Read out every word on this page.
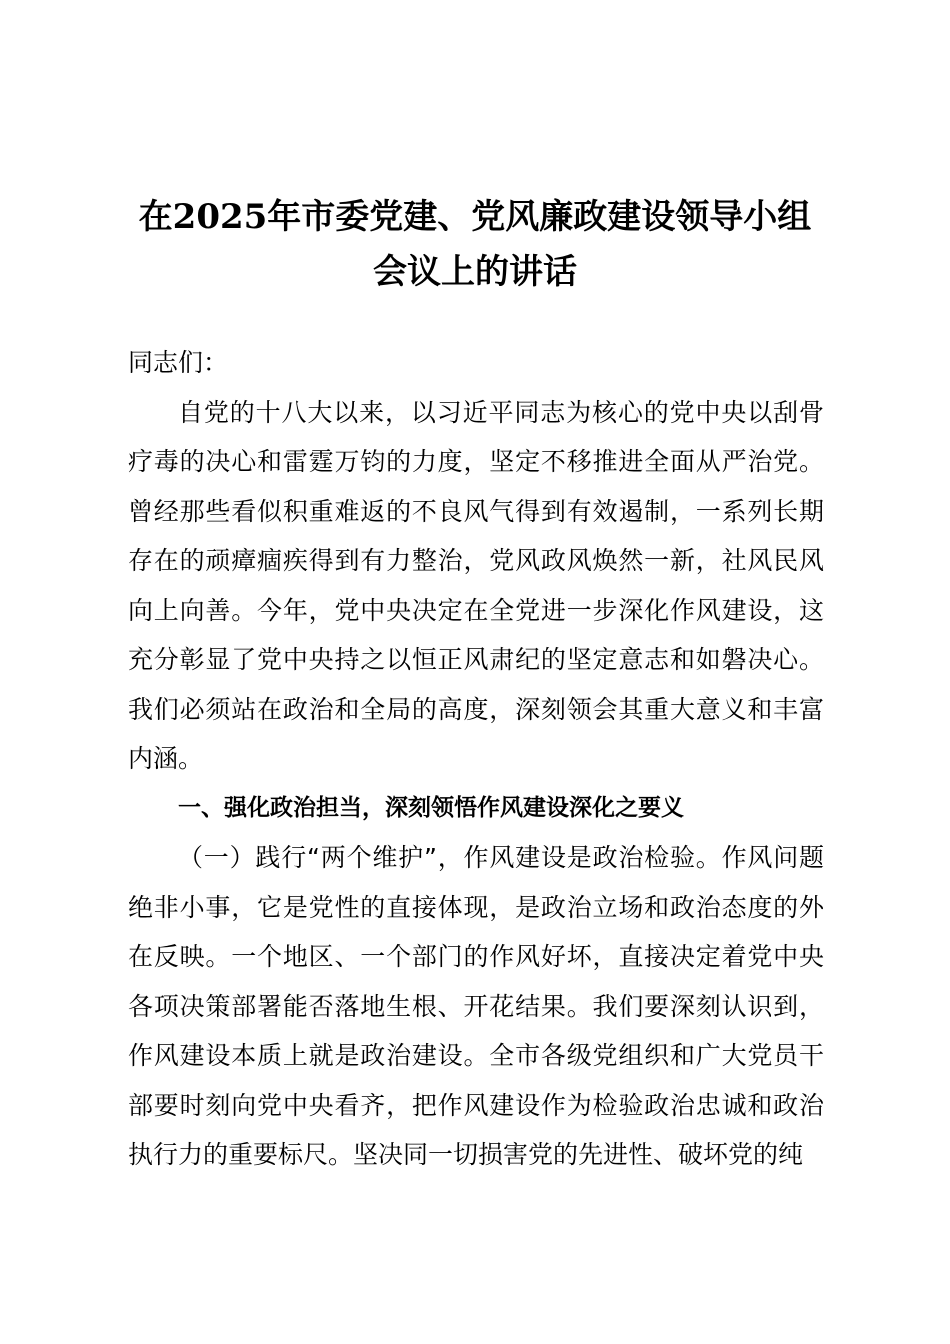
在2025年市委党建、党风廉政建设领导小组
会议上的讲话

同志们：

自党的十八大以来，以习近平同志为核心的党中央以刮骨疗毒的决心和雷霆万钧的力度，坚定不移推进全面从严治党。曾经那些看似积重难返的不良风气得到有效遏制，一系列长期存在的顽瘴痼疾得到有力整治，党风政风焕然一新，社风民风向上向善。今年，党中央决定在全党进一步深化作风建设，这充分彰显了党中央持之以恒正风肃纪的坚定意志和如磐决心。我们必须站在政治和全局的高度，深刻领会其重大意义和丰富内涵。

一、强化政治担当，深刻领悟作风建设深化之要义

（一）践行“两个维护”，作风建设是政治检验。作风问题绝非小事，它是党性的直接体现，是政治立场和政治态度的外在反映。一个地区、一个部门的作风好坏，直接决定着党中央各项决策部署能否落地生根、开花结果。我们要深刻认识到，作风建设本质上就是政治建设。全市各级党组织和广大党员干部要时刻向党中央看齐，把作风建设作为检验政治忠诚和政治执行力的重要标尺。坚决同一切损害党的先进性、破坏党的纯
